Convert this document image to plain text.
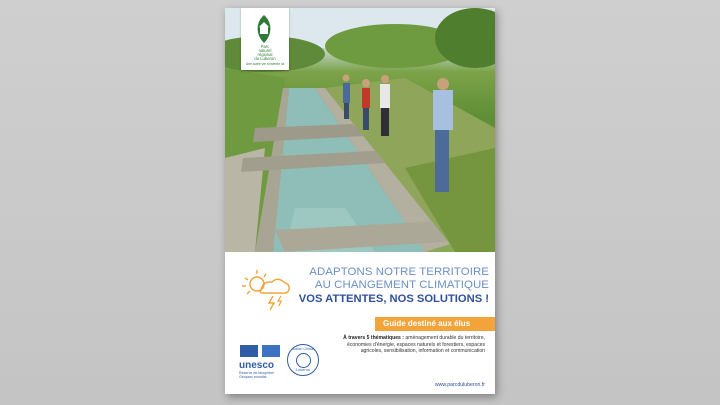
Parc
naturel
régional
du Luberon
Une autre vie s'invente ici
ADAPTONS NOTRE TERRITOIRE
AU CHANGEMENT CLIMATIQUE
VOS ATTENTES, NOS SOLUTIONS !
Guide destiné aux élus
À travers 5 thématiques : aménagement durable du territoire, économies d'énergie, espaces naturels et forestiers, espaces agricoles, sensibilisation, information et communication
unesco
Réserve de biosphère
Géoparc mondial
Action Climat
Luberon
www.parcduluberon.fr
